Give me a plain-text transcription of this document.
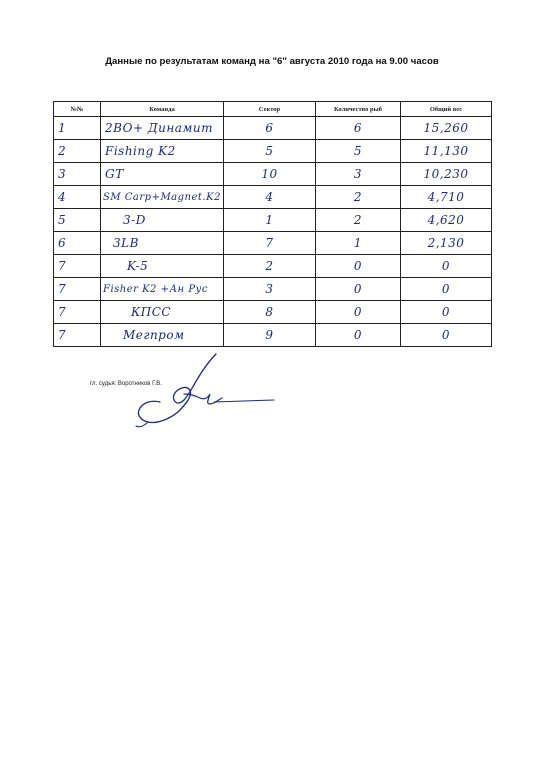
Данные по результатам команд на "6" августа 2010 года на 9.00 часов
№№	Команда	Сектор	Количество рыб	Общий вес
1	2BO+ Динамит	6	6	15,260
2	Fishing K2	5	5	11,130
3	GT	10	3	10,230
4	SM Carp+Magnet.K2	4	2	4,710
5	3-D	1	2	4,620
6	3LB	7	1	2,130
7	K-5	2	0	0
7	Fisher K2 +Ан Рус	3	0	0
7	КПСС	8	0	0
7	Мегпром	9	0	0
гл. судья: Воротников Г.В.
